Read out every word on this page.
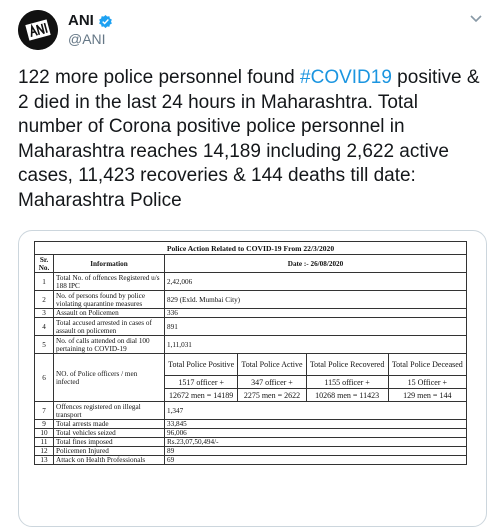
ANI
@ANI
122 more police personnel found #COVID19 positive & 2 died in the last 24 hours in Maharashtra. Total number of Corona positive police personnel in Maharashtra reaches 14,189 including 2,622 active cases, 11,423 recoveries & 144 deaths till date: Maharashtra Police
Police Action Related to COVID-19 From 22/3/2020					
Sr. No.	Information	Date :- 26/08/2020			
1	Total No. of offences Registered u/s 188 IPC	2,42,006			
2	No. of persons found by police violating quarantine measures	829 (Exld. Mumbai City)			
3	Assault on Policemen	336			
4	Total accused arrested in cases of assault on policemen	891			
5	No. of calls attended on dial 100 pertaining to COVID-19	1,11,031			
6	NO. of Police officers / men infected	Total Police Positive	Total Police Active	Total Police Recovered	Total Police Deceased
		1517 officer +	347 officer +	1155 officer +	15 Officer +
		12672 men = 14189	2275 men = 2622	10268 men = 11423	129 men = 144
7	Offences registered on illegal transport	1,347			
9	Total arrests made	33,845			
10	Total vehicles seized	96,006			
11	Total fines imposed	Rs.23,07,50,494/-			
12	Policemen Injured	89			
13	Attack on Health Professionals	69			
